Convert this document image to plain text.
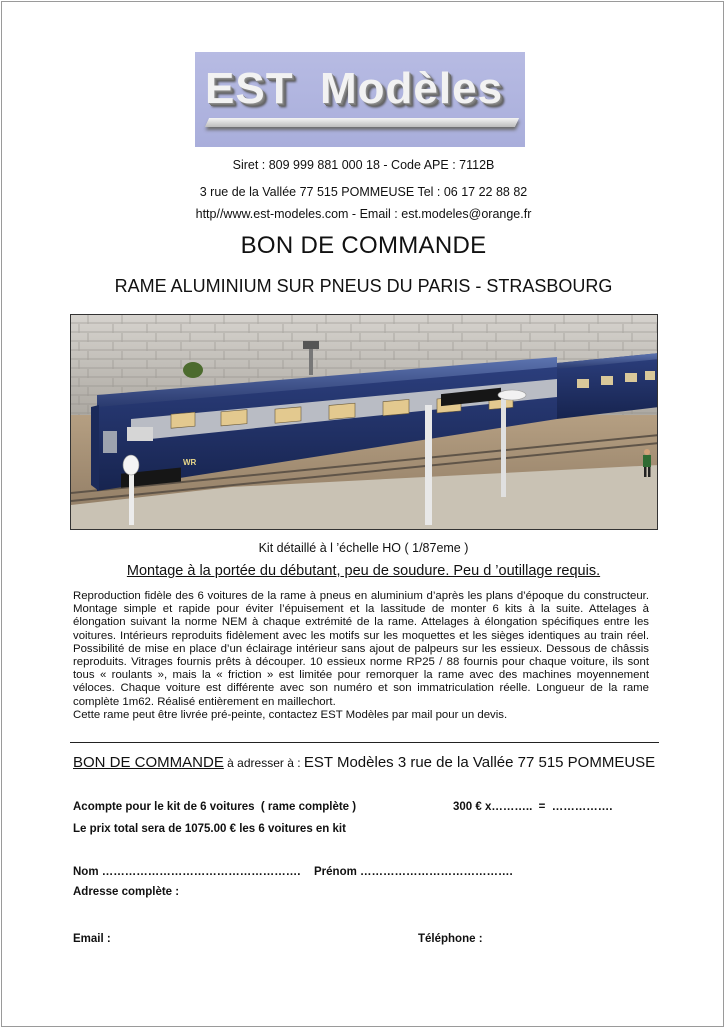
EST  Modèles
Siret : 809 999 881 000 18 - Code APE : 7112B
3 rue de la Vallée 77 515 POMMEUSE Tel : 06 17 22 88 82
http//www.est-modeles.com - Email : est.modeles@orange.fr
BON DE COMMANDE
RAME ALUMINIUM SUR PNEUS DU PARIS - STRASBOURG
WR
Kit détaillé à l ’échelle HO ( 1/87eme )
Montage à la portée du débutant, peu de soudure. Peu d ’outillage requis.

Reproduction fidèle des 6 voitures de la rame à pneus en aluminium d’après les plans d’époque du constructeur. Montage simple et rapide pour éviter l’épuisement et la lassitude de monter 6 kits à la suite. Attelages à élongation suivant la norme NEM à chaque extrémité de la rame. Attelages à élongation spécifiques entre les voitures. Intérieurs reproduits fidèlement avec les motifs sur les moquettes et les sièges identiques au train réel. Possibilité de mise en place d’un éclairage intérieur sans ajout de palpeurs sur les essieux. Dessous de châssis reproduits. Vitrages fournis prêts à découper. 10 essieux norme RP25 / 88 fournis pour chaque voiture, ils sont tous « roulants », mais la « friction » est limitée pour remorquer la rame avec des machines moyennement véloces. Chaque voiture est différente avec son numéro et son immatriculation réelle. Longueur de la rame complète 1m62. Réalisé entièrement en maillechort.

Cette rame peut être livrée pré-peinte, contactez EST Modèles par mail pour un devis.

BON DE COMMANDE à adresser à : EST Modèles 3 rue de la Vallée 77 515 POMMEUSE
Acompte pour le kit de 6 voitures  ( rame complète )	300 € x………..  =  …………….
Le prix total sera de 1075.00 € les 6 voitures en kit
Nom ……………………………………………. Prénom ………………………………….
Adresse complète :
Email :	Téléphone :
